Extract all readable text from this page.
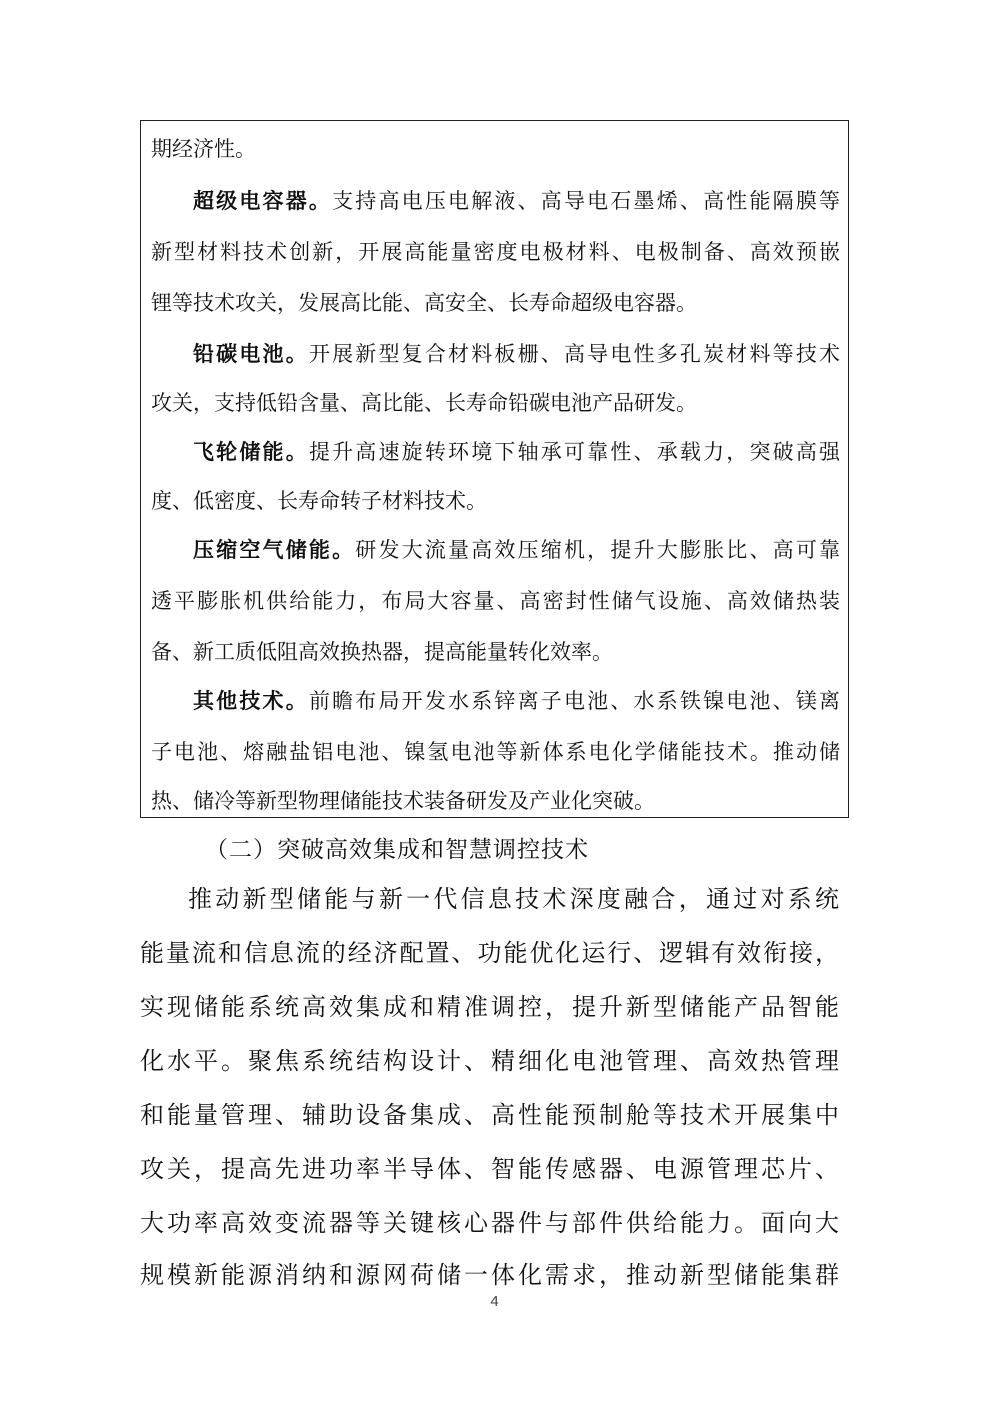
期经济性。
超级电容器。支持高电压电解液、高导电石墨烯、高性能隔膜等
新型材料技术创新，开展高能量密度电极材料、电极制备、高效预嵌
锂等技术攻关，发展高比能、高安全、长寿命超级电容器。
铅碳电池。开展新型复合材料板栅、高导电性多孔炭材料等技术
攻关，支持低铅含量、高比能、长寿命铅碳电池产品研发。
飞轮储能。提升高速旋转环境下轴承可靠性、承载力，突破高强
度、低密度、长寿命转子材料技术。
压缩空气储能。研发大流量高效压缩机，提升大膨胀比、高可靠
透平膨胀机供给能力，布局大容量、高密封性储气设施、高效储热装
备、新工质低阻高效换热器，提高能量转化效率。
其他技术。前瞻布局开发水系锌离子电池、水系铁镍电池、镁离
子电池、熔融盐铝电池、镍氢电池等新体系电化学储能技术。推动储
热、储冷等新型物理储能技术装备研发及产业化突破。
（二）突破高效集成和智慧调控技术
推动新型储能与新一代信息技术深度融合，通过对系统
能量流和信息流的经济配置、功能优化运行、逻辑有效衔接，
实现储能系统高效集成和精准调控，提升新型储能产品智能
化水平。聚焦系统结构设计、精细化电池管理、高效热管理
和能量管理、辅助设备集成、高性能预制舱等技术开展集中
攻关，提高先进功率半导体、智能传感器、电源管理芯片、
大功率高效变流器等关键核心器件与部件供给能力。面向大
规模新能源消纳和源网荷储一体化需求，推动新型储能集群
4
